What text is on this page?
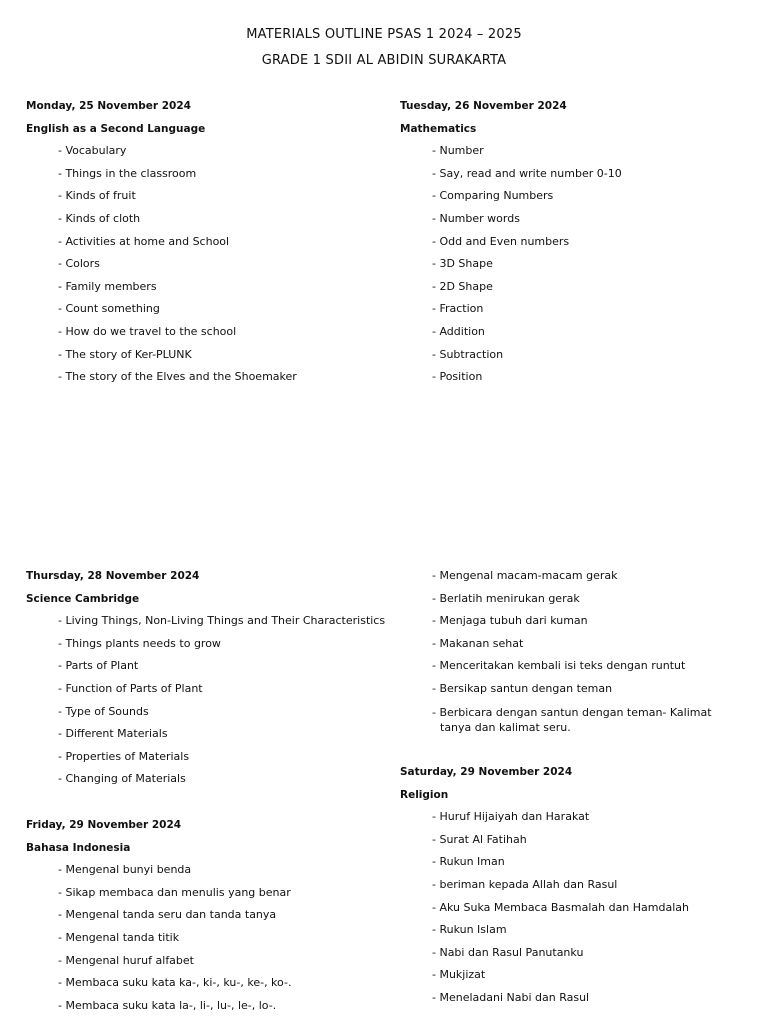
MATERIALS OUTLINE PSAS 1 2024 – 2025
GRADE 1 SDII AL ABIDIN SURAKARTA
Monday, 25 November 2024
English as a Second Language
- Vocabulary
- Things in the classroom
- Kinds of fruit
- Kinds of cloth
- Activities at home and School
- Colors
- Family members
- Count something
- How do we travel to the school
- The story of Ker-PLUNK
- The story of the Elves and the Shoemaker
Tuesday, 26 November 2024
Mathematics
- Number
- Say, read and write number 0-10
- Comparing Numbers
- Number words
- Odd and Even numbers
- 3D Shape
- 2D Shape
- Fraction
- Addition
- Subtraction
- Position
Thursday, 28 November 2024
Science Cambridge
- Living Things, Non-Living Things and Their Characteristics
- Things plants needs to grow
- Parts of Plant
- Function of Parts of Plant
- Type of Sounds
- Different Materials
- Properties of Materials
- Changing of Materials
Friday, 29 November 2024
Bahasa Indonesia
- Mengenal bunyi benda
- Sikap membaca dan menulis yang benar
- Mengenal tanda seru dan tanda tanya
- Mengenal tanda titik
- Mengenal huruf alfabet
- Membaca suku kata ka-, ki-, ku-, ke-, ko-.
- Membaca suku kata la-, li-, lu-, le-, lo-.
- Mengenal macam-macam gerak
- Berlatih menirukan gerak
- Menjaga tubuh dari kuman
- Makanan sehat
- Menceritakan kembali isi teks dengan runtut
- Bersikap santun dengan teman
- Berbicara dengan santun dengan teman- Kalimat tanya dan kalimat seru.
Saturday, 29 November 2024
Religion
- Huruf Hijaiyah dan Harakat
- Surat Al Fatihah
- Rukun Iman
- beriman kepada Allah dan Rasul
- Aku Suka Membaca Basmalah dan Hamdalah
- Rukun Islam
- Nabi dan Rasul Panutanku
- Mukjizat
- Meneladani Nabi dan Rasul
